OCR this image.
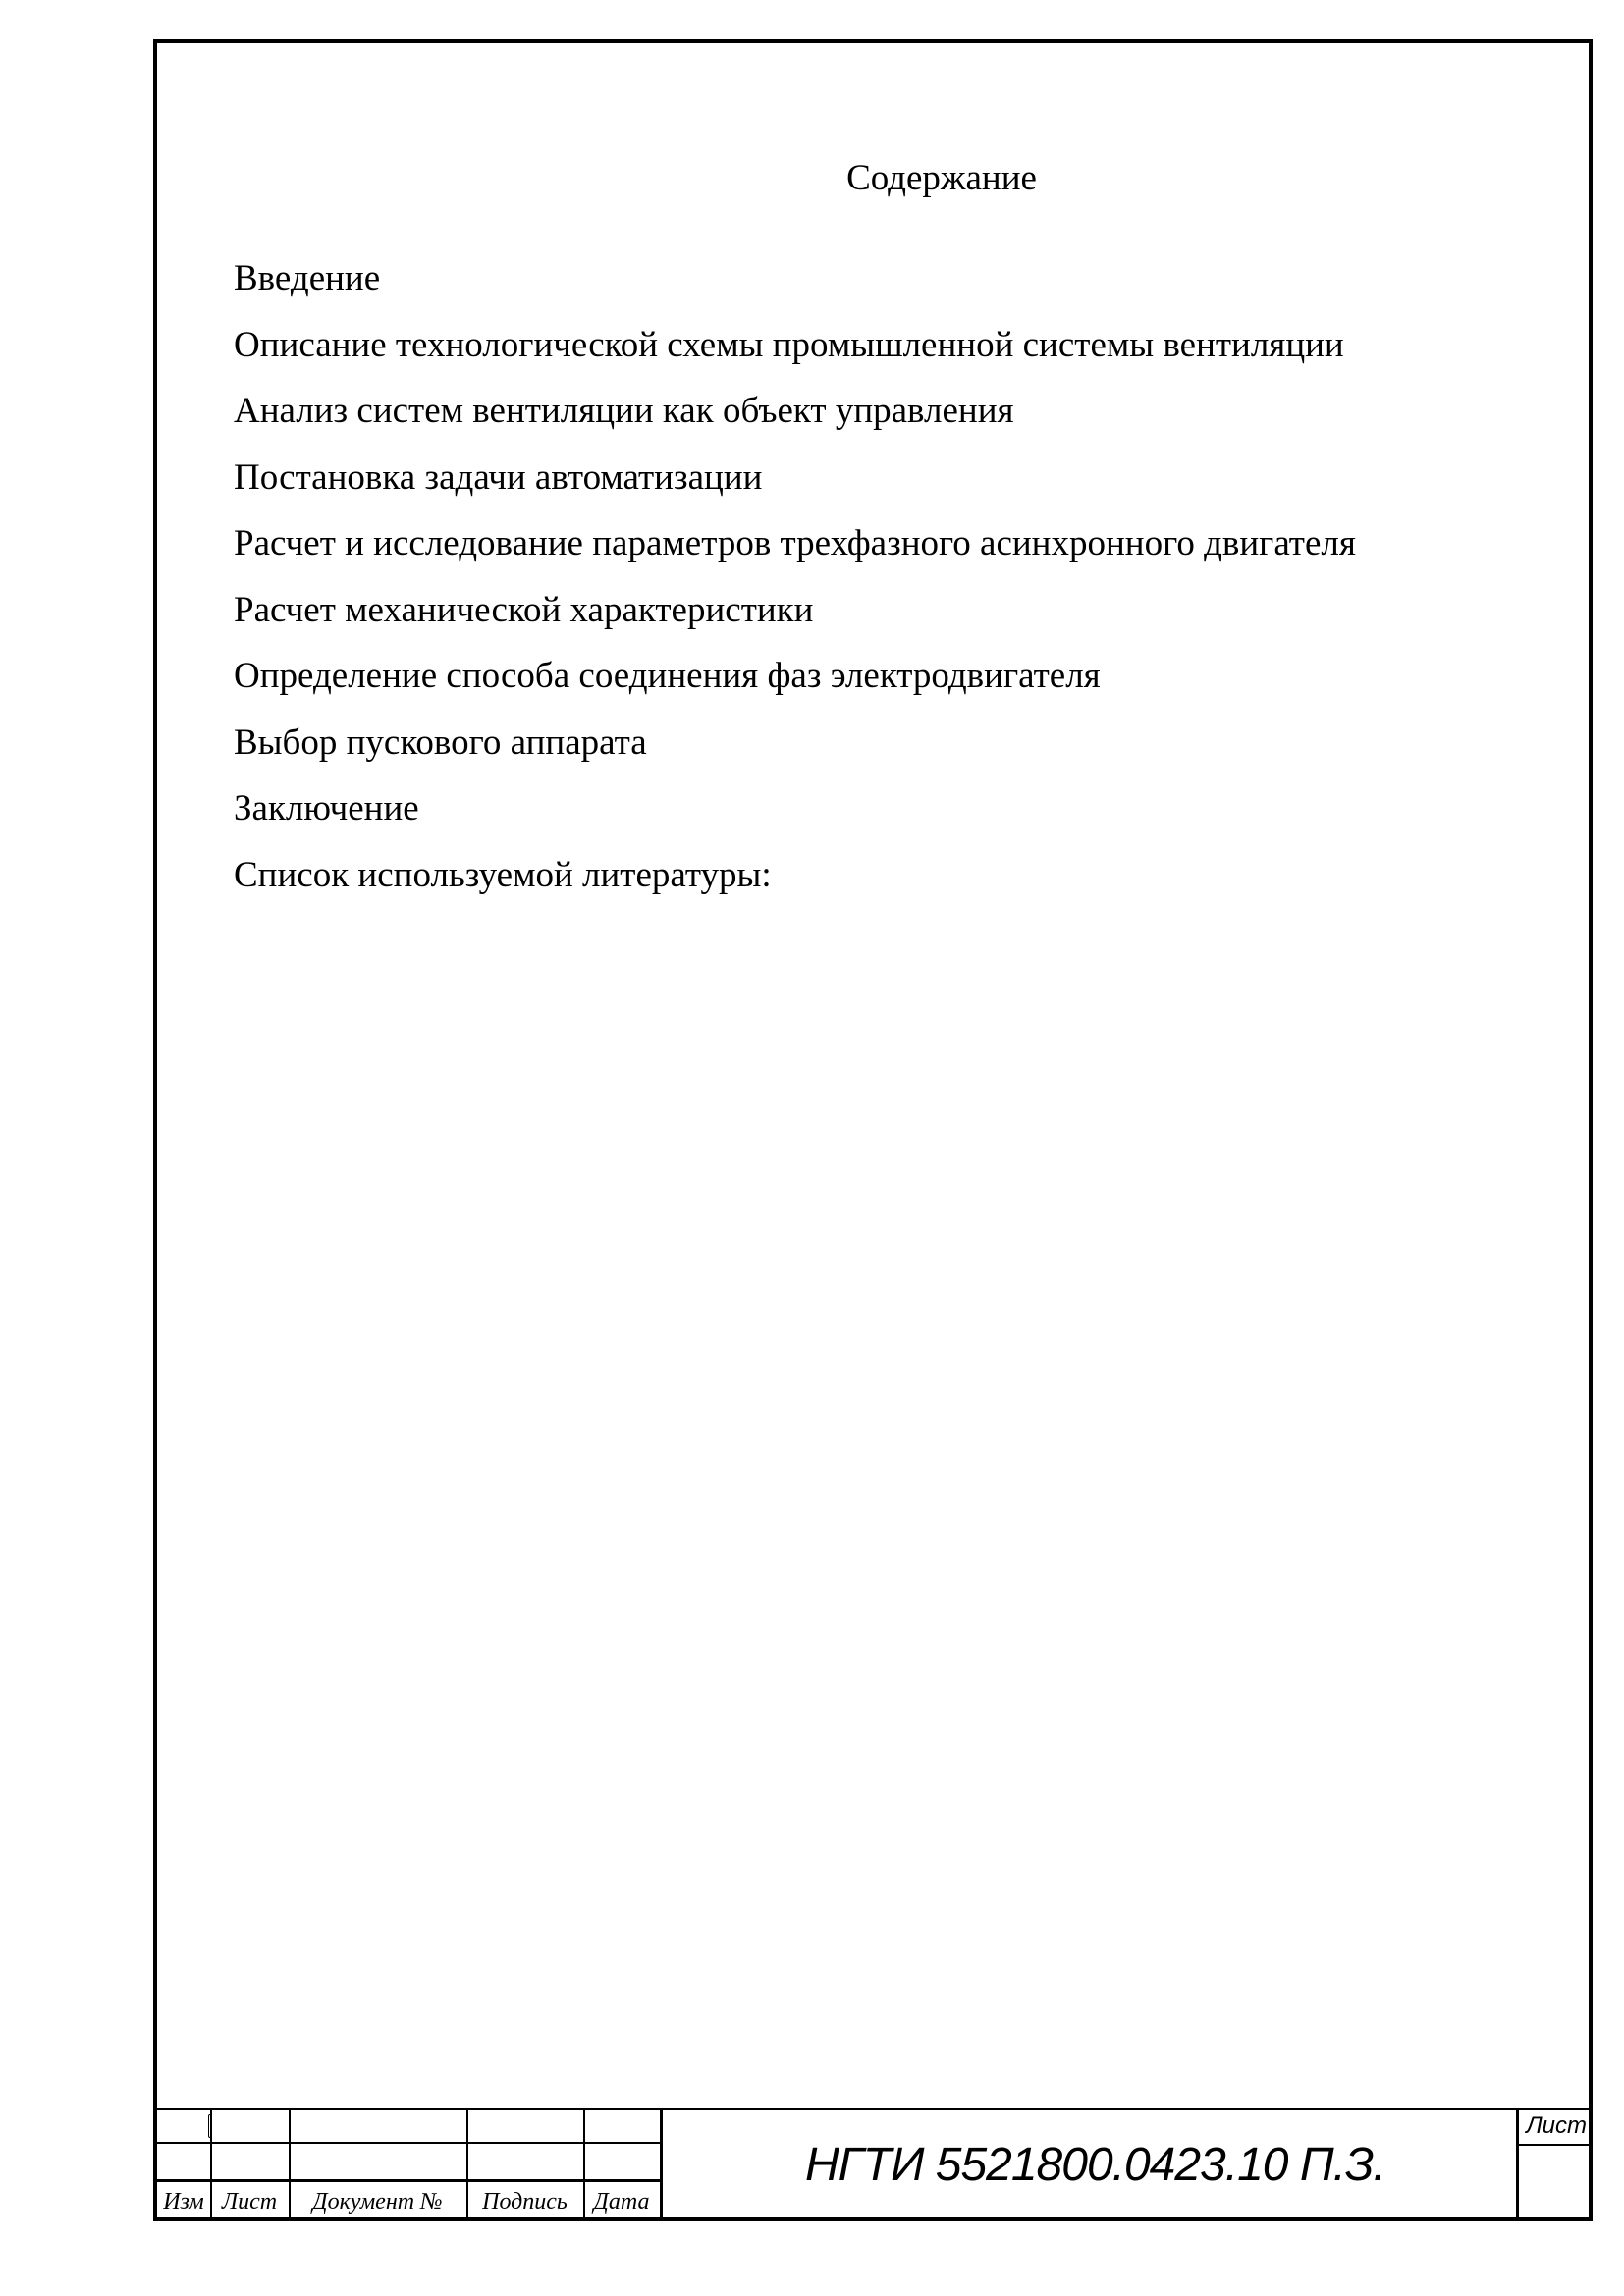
Содержание
Введение
Описание технологической схемы промышленной системы вентиляции
Анализ систем вентиляции как объект управления
Постановка задачи автоматизации
Расчет и исследование параметров трехфазного асинхронного двигателя
Расчет механической характеристики
Определение способа соединения фаз электродвигателя
Выбор пускового аппарата
Заключение
Список используемой литературы:
Изм Лист	Документ №	Подпись	Дата
НГТИ 5521800.0423.10 П.З.
Лист
